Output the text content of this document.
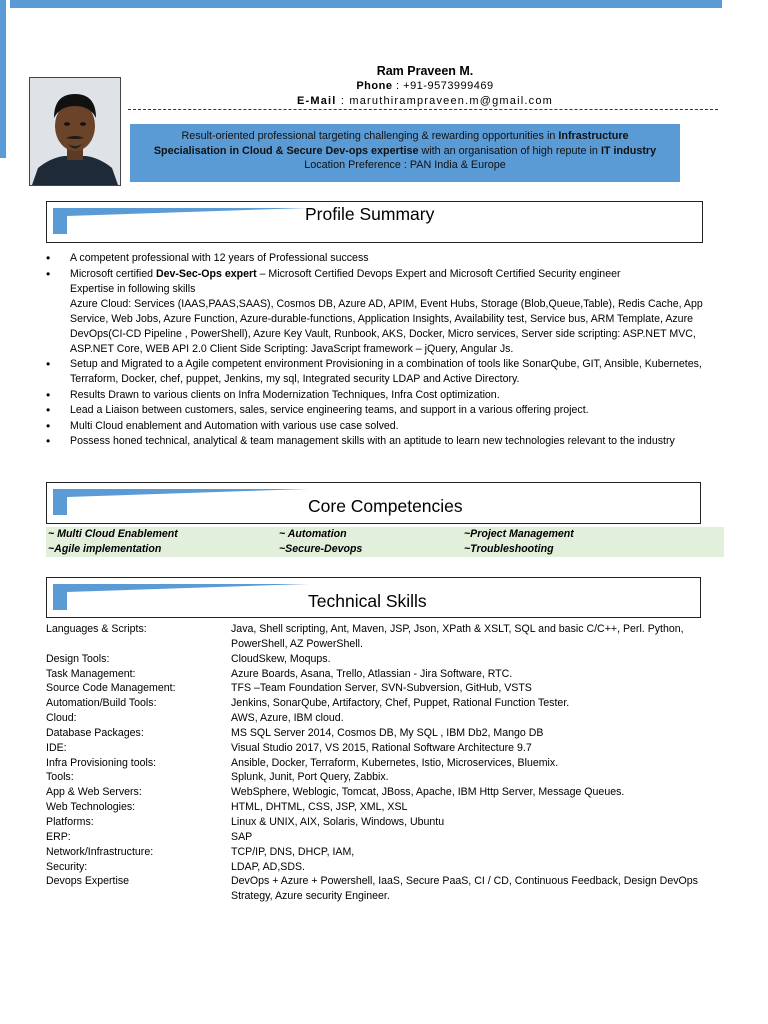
Ram Praveen M.
Phone : +91-9573999469
E-Mail : maruthirampraveen.m@gmail.com

Result-oriented professional targeting challenging & rewarding opportunities in Infrastructure Specialisation in Cloud & Secure Dev-ops expertise with an organisation of high repute in IT industry

Location Preference : PAN India & Europe

Profile Summary
• A competent professional with 12 years of Professional success
• Microsoft certified Dev-Sec-Ops expert – Microsoft Certified Devops Expert and Microsoft Certified Security engineer
Expertise in following skills
Azure Cloud: Services (IAAS,PAAS,SAAS), Cosmos DB, Azure AD, APIM, Event Hubs, Storage (Blob,Queue,Table), Redis Cache, App Service, Web Jobs, Azure Function, Azure-durable-functions, Application Insights, Availability test, Service bus, ARM Template, Azure DevOps(CI-CD Pipeline , PowerShell), Azure Key Vault, Runbook, AKS, Docker, Micro services, Server side scripting: ASP.NET MVC, ASP.NET Core, WEB API 2.0 Client Side Scripting: JavaScript framework – jQuery, Angular Js.
• Setup and Migrated to a Agile competent environment Provisioning in a combination of tools like SonarQube, GIT, Ansible, Kubernetes, Terraform, Docker, chef, puppet, Jenkins, my sql, Integrated security LDAP and Active Directory.
• Results Drawn to various clients on Infra Modernization Techniques, Infra Cost optimization.
• Lead a Liaison between customers, sales, service engineering teams, and support in a various offering project.
• Multi Cloud enablement and Automation with various use case solved.
• Possess honed technical, analytical & team management skills with an aptitude to learn new technologies relevant to the industry
Core Competencies
~ Multi Cloud Enablement	~ Automation	~Project Management
~Agile implementation	~Secure-Devops	~Troubleshooting
Technical Skills
Languages & Scripts:	Java, Shell scripting, Ant, Maven, JSP, Json, XPath & XSLT, SQL and basic C/C++, Perl. Python, PowerShell, AZ PowerShell.
Design Tools:	CloudSkew, Moqups.
Task Management:	Azure Boards, Asana, Trello, Atlassian - Jira Software, RTC.
Source Code Management:	TFS –Team Foundation Server, SVN-Subversion, GitHub, VSTS
Automation/Build Tools:	Jenkins, SonarQube, Artifactory, Chef, Puppet, Rational Function Tester.
Cloud:	AWS, Azure, IBM cloud.
Database Packages:	MS SQL Server 2014, Cosmos DB, My SQL , IBM Db2, Mango DB
IDE:	Visual Studio 2017, VS 2015, Rational Software Architecture 9.7
Infra Provisioning tools:	Ansible, Docker, Terraform, Kubernetes, Istio, Microservices, Bluemix.
Tools:	Splunk, Junit, Port Query, Zabbix.
App & Web Servers:	WebSphere, Weblogic, Tomcat, JBoss, Apache, IBM Http Server, Message Queues.
Web Technologies:	HTML, DHTML, CSS, JSP, XML, XSL
Platforms:	Linux & UNIX, AIX, Solaris, Windows, Ubuntu
ERP:	SAP
Network/Infrastructure:	TCP/IP, DNS, DHCP, IAM,
Security:	LDAP, AD,SDS.
Devops Expertise	DevOps + Azure + Powershell, IaaS, Secure PaaS, CI / CD, Continuous Feedback, Design DevOps Strategy, Azure security Engineer.
